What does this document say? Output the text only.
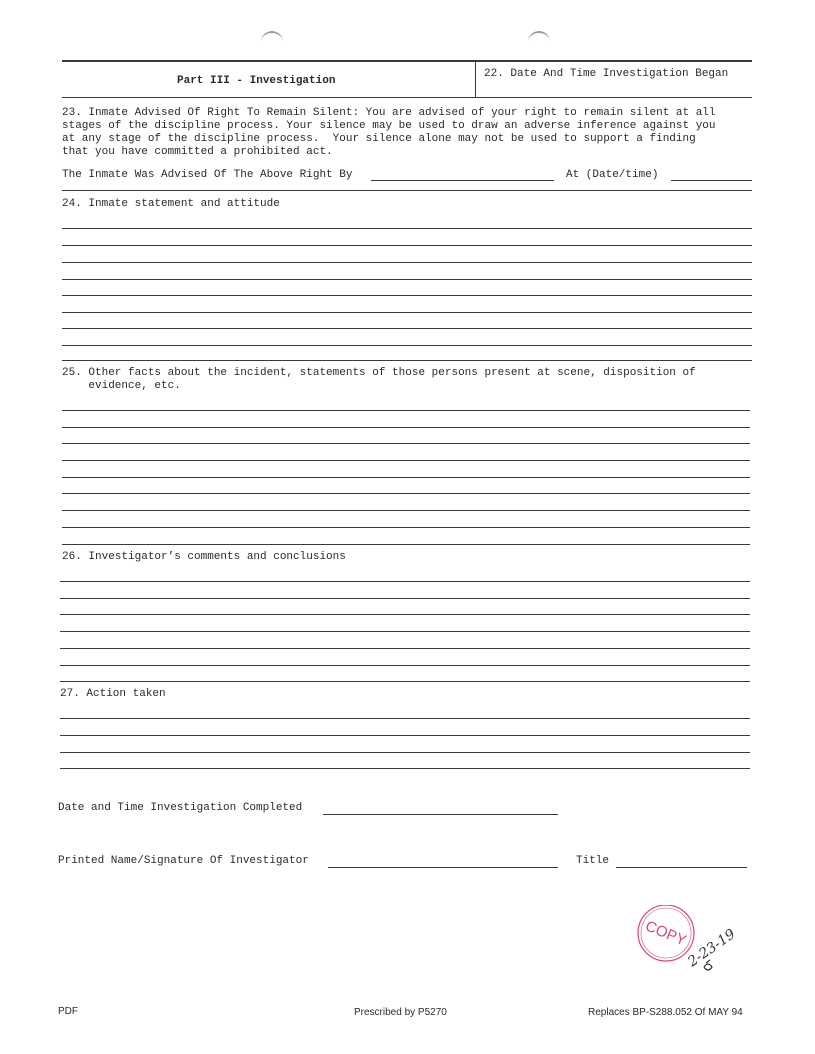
Part III - Investigation
22. Date And Time Investigation Began
23. Inmate Advised Of Right To Remain Silent: You are advised of your right to remain silent at all
stages of the discipline process. Your silence may be used to draw an adverse inference against you
at any stage of the discipline process.  Your silence alone may not be used to support a finding
that you have committed a prohibited act.
The Inmate Was Advised Of The Above Right By	At (Date/time)
24. Inmate statement and attitude
25. Other facts about the incident, statements of those persons present at scene, disposition of
evidence, etc.
26. Investigator’s comments and conclusions
27. Action taken
Date and Time Investigation Completed
Printed Name/Signature Of Investigator	Title
COPY
2-23-19
PDF	Prescribed by P5270	Replaces BP-S288.052 Of MAY 94
